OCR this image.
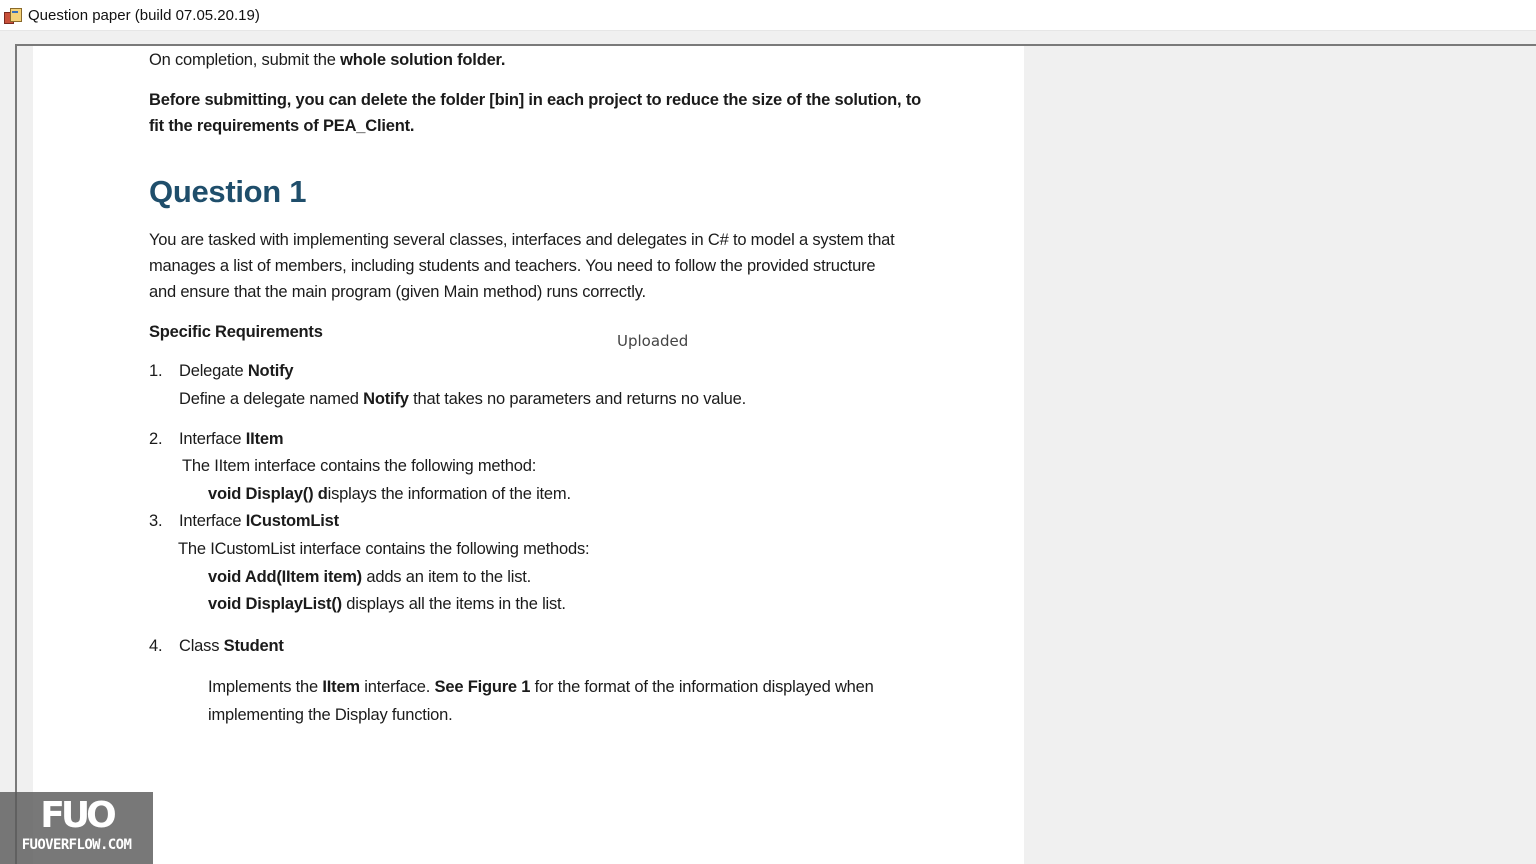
Question paper (build 07.05.20.19)
On completion, submit the whole solution folder.
Before submitting, you can delete the folder [bin] in each project to reduce the size of the solution, to
fit the requirements of PEA_Client.
Question 1
You are tasked with implementing several classes, interfaces and delegates in C# to model a system that
manages a list of members, including students and teachers. You need to follow the provided structure
and ensure that the main program (given Main method) runs correctly.
Specific Requirements
1. Delegate Notify
Define a delegate named Notify that takes no parameters and returns no value.
2. Interface IItem
The IItem interface contains the following method:
void Display() displays the information of the item.
3. Interface ICustomList
The ICustomList interface contains the following methods:
void Add(IItem item) adds an item to the list.
void DisplayList() displays all the items in the list.
4. Class Student
Implements the IItem interface. See Figure 1 for the format of the information displayed when
implementing the Display function.
Uploaded
FUO
FUOVERFLOW.COM
